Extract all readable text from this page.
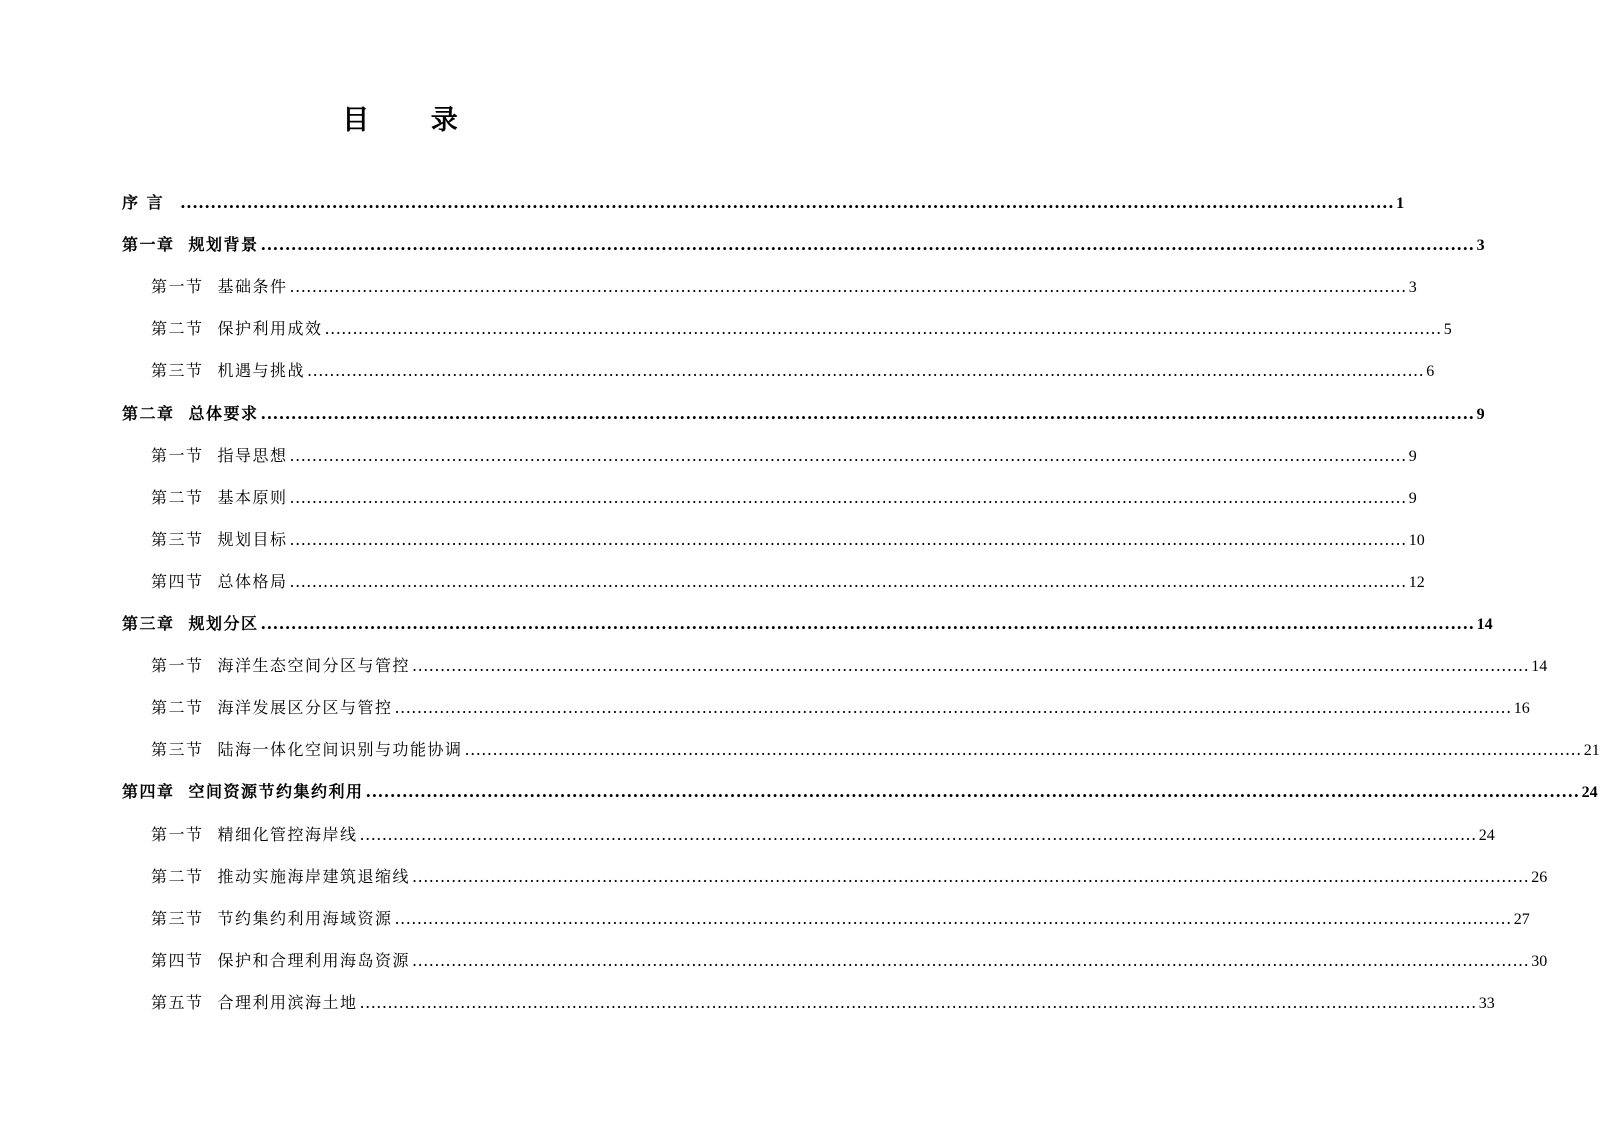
目 录
序 言	........................................................................................................................................................................................................ 1
第一章 规划背景 ........................................................................................................................................................................................................ 3
第一节 基础条件 ........................................................................................................................................................................................................ 3
第二节 保护利用成效 ........................................................................................................................................................................................................ 5
第三节 机遇与挑战 ........................................................................................................................................................................................................ 6
第二章 总体要求 ........................................................................................................................................................................................................ 9
第一节 指导思想 ........................................................................................................................................................................................................ 9
第二节 基本原则 ........................................................................................................................................................................................................ 9
第三节 规划目标 ........................................................................................................................................................................................................ 10
第四节 总体格局 ........................................................................................................................................................................................................ 12
第三章 规划分区 ........................................................................................................................................................................................................ 14
第一节 海洋生态空间分区与管控 ........................................................................................................................................................................................................ 14
第二节 海洋发展区分区与管控 ........................................................................................................................................................................................................ 16
第三节 陆海一体化空间识别与功能协调 ........................................................................................................................................................................................................ 21
第四章 空间资源节约集约利用 ........................................................................................................................................................................................................ 24
第一节 精细化管控海岸线 ........................................................................................................................................................................................................ 24
第二节 推动实施海岸建筑退缩线 ........................................................................................................................................................................................................ 26
第三节 节约集约利用海域资源 ........................................................................................................................................................................................................ 27
第四节 保护和合理利用海岛资源 ........................................................................................................................................................................................................ 30
第五节 合理利用滨海土地 ........................................................................................................................................................................................................ 33
